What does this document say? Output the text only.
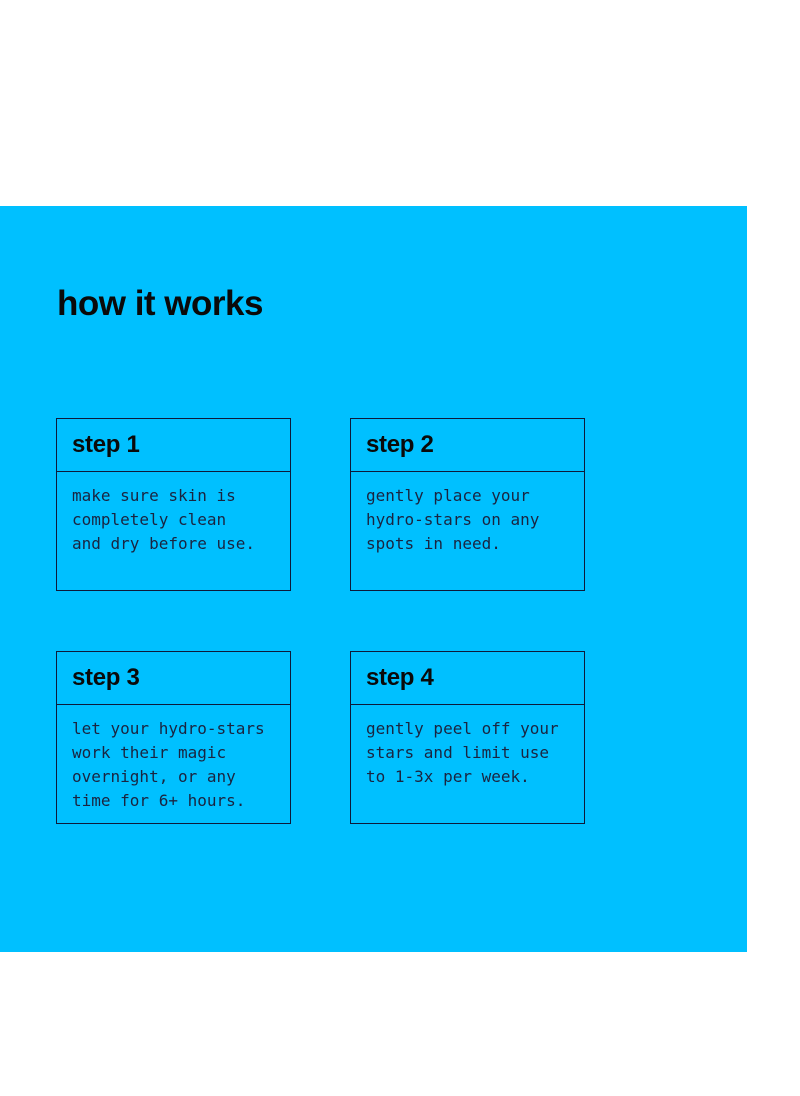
how it works
step 1
make sure skin is
completely clean
and dry before use.
step 2
gently place your
hydro-stars on any
spots in need.
step 3
let your hydro-stars
work their magic
overnight, or any
time for 6+ hours.
step 4
gently peel off your
stars and limit use
to 1-3x per week.
